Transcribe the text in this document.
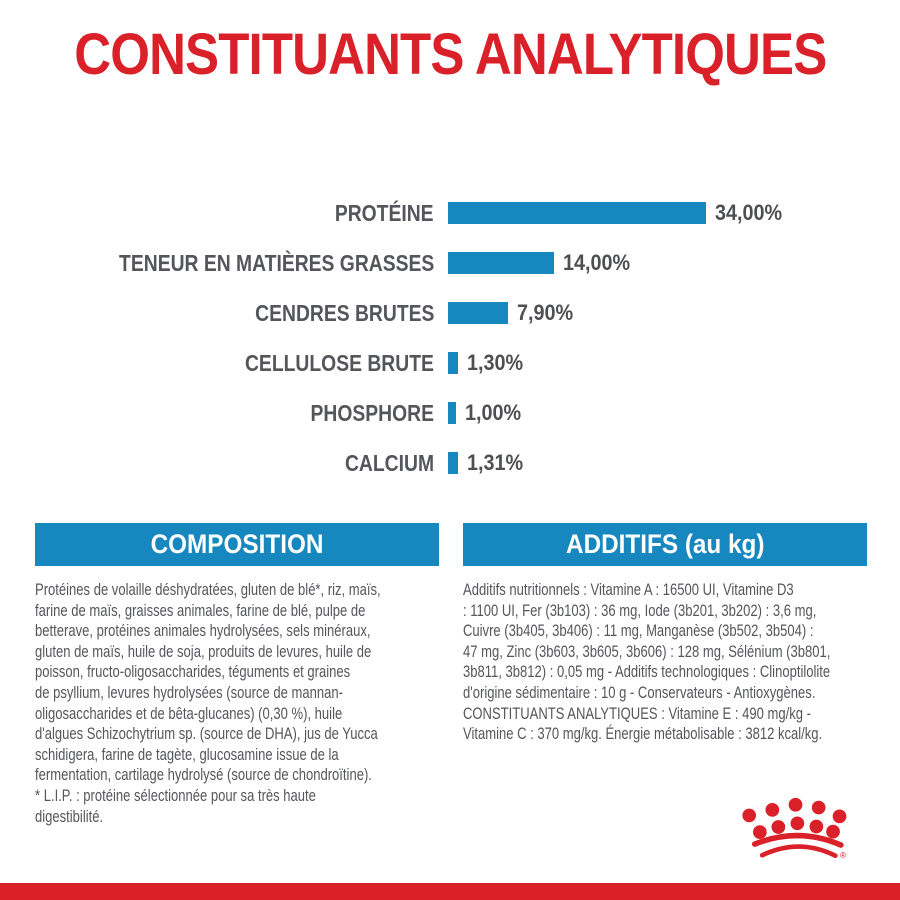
CONSTITUANTS ANALYTIQUES
PROTÉINE	34,00%
TENEUR EN MATIÈRES GRASSES	14,00%
CENDRES BRUTES	7,90%
CELLULOSE BRUTE	1,30%
PHOSPHORE	1,00%
CALCIUM	1,31%
COMPOSITION
Protéines de volaille déshydratées, gluten de blé*, riz, maïs,
farine de maïs, graisses animales, farine de blé, pulpe de
betterave, protéines animales hydrolysées, sels minéraux,
gluten de maïs, huile de soja, produits de levures, huile de
poisson, fructo-oligosaccharides, téguments et graines
de psyllium, levures hydrolysées (source de mannan-
oligosaccharides et de bêta-glucanes) (0,30 %), huile
d'algues Schizochytrium sp. (source de DHA), jus de Yucca
schidigera, farine de tagète, glucosamine issue de la
fermentation, cartilage hydrolysé (source de chondroïtine).
* L.I.P. : protéine sélectionnée pour sa très haute
digestibilité.
ADDITIFS (au kg)
Additifs nutritionnels : Vitamine A : 16500 UI, Vitamine D3
: 1100 UI, Fer (3b103) : 36 mg, Iode (3b201, 3b202) : 3,6 mg,
Cuivre (3b405, 3b406) : 11 mg, Manganèse (3b502, 3b504) :
47 mg, Zinc (3b603, 3b605, 3b606) : 128 mg, Sélénium (3b801,
3b811, 3b812) : 0,05 mg - Additifs technologiques : Clinoptilolite
d'origine sédimentaire : 10 g - Conservateurs - Antioxygènes.
CONSTITUANTS ANALYTIQUES : Vitamine E : 490 mg/kg -
Vitamine C : 370 mg/kg. Énergie métabolisable : 3812 kcal/kg.
®
